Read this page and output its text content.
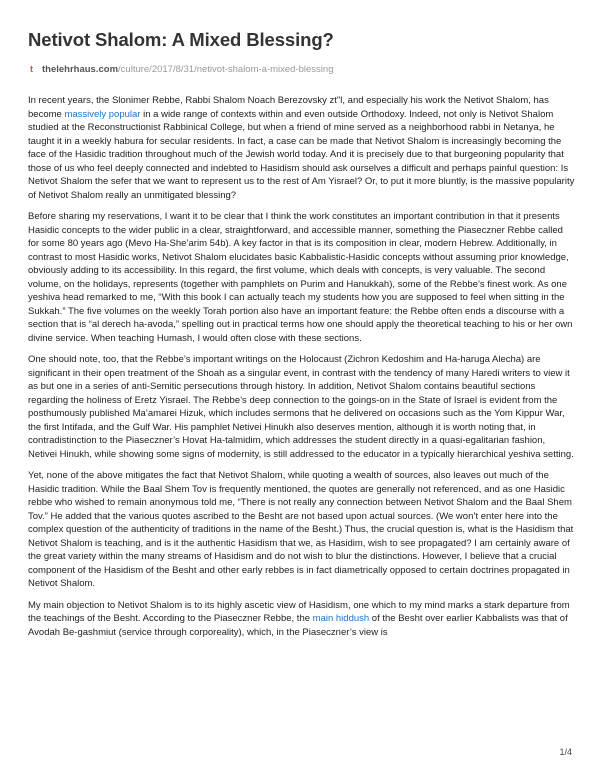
Netivot Shalom: A Mixed Blessing?
t thelehrhaus.com/culture/2017/8/31/netivot-shalom-a-mixed-blessing

In recent years, the Slonimer Rebbe, Rabbi Shalom Noach Berezovsky zt"l, and especially his work the Netivot Shalom, has become massively popular in a wide range of contexts within and even outside Orthodoxy. Indeed, not only is Netivot Shalom studied at the Reconstructionist Rabbinical College, but when a friend of mine served as a neighborhood rabbi in Netanya, he taught it in a weekly habura for secular residents. In fact, a case can be made that Netivot Shalom is increasingly becoming the face of the Hasidic tradition throughout much of the Jewish world today. And it is precisely due to that burgeoning popularity that those of us who feel deeply connected and indebted to Hasidism should ask ourselves a difficult and perhaps painful question: Is Netivot Shalom the sefer that we want to represent us to the rest of Am Yisrael? Or, to put it more bluntly, is the massive popularity of Netivot Shalom really an unmitigated blessing?

Before sharing my reservations, I want it to be clear that I think the work constitutes an important contribution in that it presents Hasidic concepts to the wider public in a clear, straightforward, and accessible manner, something the Piaseczner Rebbe called for some 80 years ago (Mevo Ha-She’arim 54b). A key factor in that is its composition in clear, modern Hebrew. Additionally, in contrast to most Hasidic works, Netivot Shalom elucidates basic Kabbalistic-Hasidic concepts without assuming prior knowledge, obviously adding to its accessibility. In this regard, the first volume, which deals with concepts, is very valuable. The second volume, on the holidays, represents (together with pamphlets on Purim and Hanukkah), some of the Rebbe’s finest work. As one yeshiva head remarked to me, “With this book I can actually teach my students how you are supposed to feel when sitting in the Sukkah.” The five volumes on the weekly Torah portion also have an important feature: the Rebbe often ends a discourse with a section that is “al derech ha-avoda,” spelling out in practical terms how one should apply the theoretical teaching to his or her own divine service. When teaching Humash, I would often close with these sections.

One should note, too, that the Rebbe’s important writings on the Holocaust (Zichron Kedoshim and Ha-haruga Alecha) are significant in their open treatment of the Shoah as a singular event, in contrast with the tendency of many Haredi writers to view it as but one in a series of anti-Semitic persecutions through history. In addition, Netivot Shalom contains beautiful sections regarding the holiness of Eretz Yisrael. The Rebbe’s deep connection to the goings-on in the State of Israel is evident from the posthumously published Ma’amarei Hizuk, which includes sermons that he delivered on occasions such as the Yom Kippur War, the first Intifada, and the Gulf War. His pamphlet Netivei Hinukh also deserves mention, although it is worth noting that, in contradistinction to the Piaseczner’s Hovat Ha-talmidim, which addresses the student directly in a quasi-egalitarian fashion, Netivei Hinukh, while showing some signs of modernity, is still addressed to the educator in a typically hierarchical yeshiva setting.

Yet, none of the above mitigates the fact that Netivot Shalom, while quoting a wealth of sources, also leaves out much of the Hasidic tradition. While the Baal Shem Tov is frequently mentioned, the quotes are generally not referenced, and as one Hasidic rebbe who wished to remain anonymous told me, “There is not really any connection between Netivot Shalom and the Baal Shem Tov.” He added that the various quotes ascribed to the Besht are not based upon actual sources. (We won’t enter here into the complex question of the authenticity of traditions in the name of the Besht.) Thus, the crucial question is, what is the Hasidism that Netivot Shalom is teaching, and is it the authentic Hasidism that we, as Hasidim, wish to see propagated? I am certainly aware of the great variety within the many streams of Hasidism and do not wish to blur the distinctions. However, I believe that a crucial component of the Hasidism of the Besht and other early rebbes is in fact diametrically opposed to certain doctrines propagated in Netivot Shalom.

My main objection to Netivot Shalom is to its highly ascetic view of Hasidism, one which to my mind marks a stark departure from the teachings of the Besht. According to the Piaseczner Rebbe, the main hiddush of the Besht over earlier Kabbalists was that of Avodah Be-gashmiut (service through corporeality), which, in the Piaseczner’s view is

1/4
